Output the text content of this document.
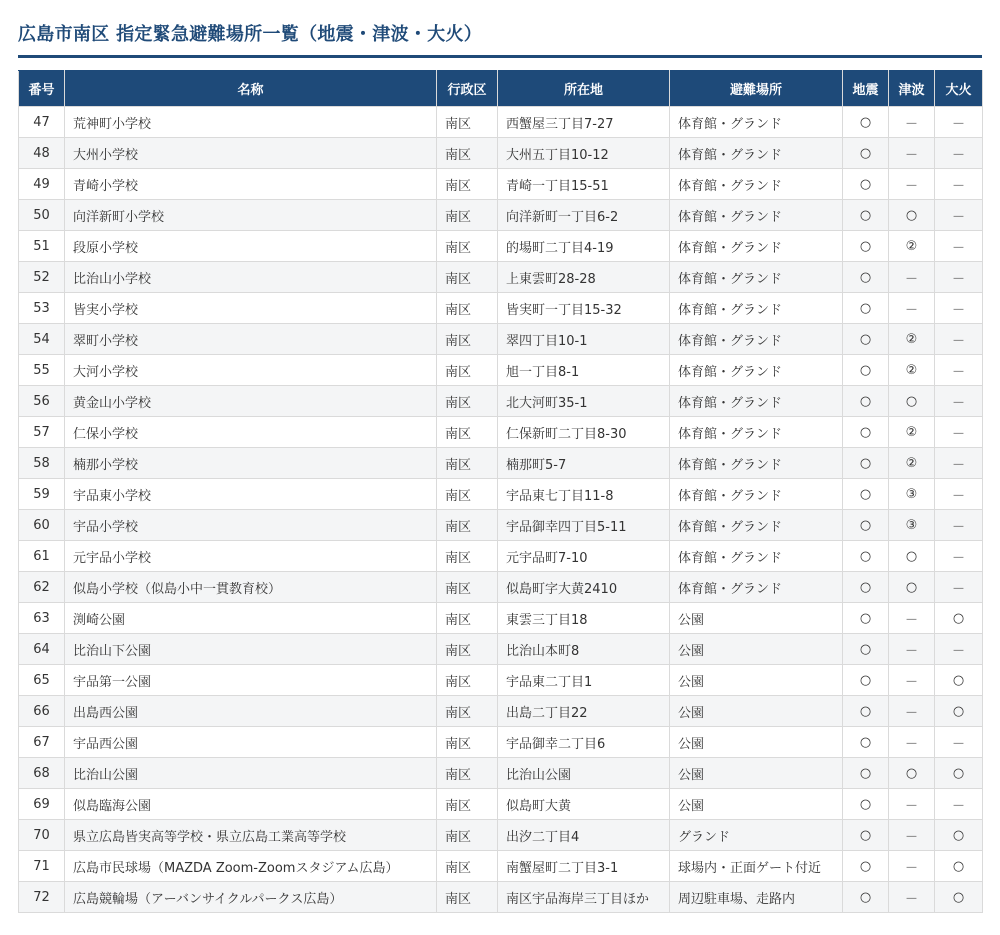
広島市南区 指定緊急避難場所一覧（地震・津波・大火）
番号	名称	行政区	所在地	避難場所	地震	津波	大火
47	荒神町小学校	南区	西蟹屋三丁目7-27	体育館・グランド	○	－	－
48	大州小学校	南区	大州五丁目10-12	体育館・グランド	○	－	－
49	青崎小学校	南区	青崎一丁目15-51	体育館・グランド	○	－	－
50	向洋新町小学校	南区	向洋新町一丁目6-2	体育館・グランド	○	○	－
51	段原小学校	南区	的場町二丁目4-19	体育館・グランド	○	②	－
52	比治山小学校	南区	上東雲町28-28	体育館・グランド	○	－	－
53	皆実小学校	南区	皆実町一丁目15-32	体育館・グランド	○	－	－
54	翠町小学校	南区	翠四丁目10-1	体育館・グランド	○	②	－
55	大河小学校	南区	旭一丁目8-1	体育館・グランド	○	②	－
56	黄金山小学校	南区	北大河町35-1	体育館・グランド	○	○	－
57	仁保小学校	南区	仁保新町二丁目8-30	体育館・グランド	○	②	－
58	楠那小学校	南区	楠那町5-7	体育館・グランド	○	②	－
59	宇品東小学校	南区	宇品東七丁目11-8	体育館・グランド	○	③	－
60	宇品小学校	南区	宇品御幸四丁目5-11	体育館・グランド	○	③	－
61	元宇品小学校	南区	元宇品町7-10	体育館・グランド	○	○	－
62	似島小学校（似島小中一貫教育校）	南区	似島町字大黄2410	体育館・グランド	○	○	－
63	渕崎公園	南区	東雲三丁目18	公園	○	－	○
64	比治山下公園	南区	比治山本町8	公園	○	－	－
65	宇品第一公園	南区	宇品東二丁目1	公園	○	－	○
66	出島西公園	南区	出島二丁目22	公園	○	－	○
67	宇品西公園	南区	宇品御幸二丁目6	公園	○	－	－
68	比治山公園	南区	比治山公園	公園	○	○	○
69	似島臨海公園	南区	似島町大黄	公園	○	－	－
70	県立広島皆実高等学校・県立広島工業高等学校	南区	出汐二丁目4	グランド	○	－	○
71	広島市民球場（MAZDA Zoom-Zoomスタジアム広島）	南区	南蟹屋町二丁目3-1	球場内・正面ゲート付近	○	－	○
72	広島競輪場（アーバンサイクルパークス広島）	南区	南区宇品海岸三丁目ほか	周辺駐車場、走路内	○	－	○
